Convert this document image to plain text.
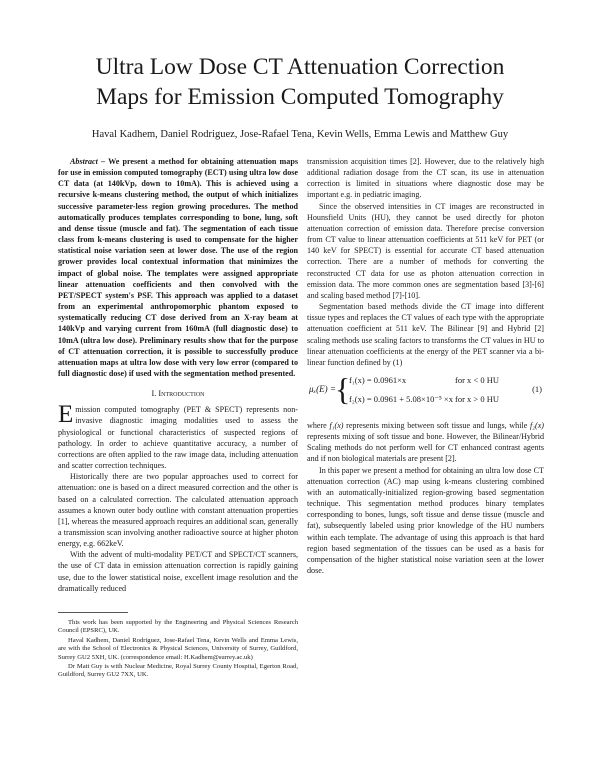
Ultra Low Dose CT Attenuation Correction
Maps for Emission Computed Tomography
Haval Kadhem, Daniel Rodriguez, Jose-Rafael Tena, Kevin Wells, Emma Lewis and Matthew Guy

Abstract – We present a method for obtaining attenuation maps for use in emission computed tomography (ECT) using ultra low dose CT data (at 140kVp, down to 10mA). This is achieved using a recursive k-means clustering method, the output of which initializes successive parameter-less region growing procedures. The method automatically produces templates corresponding to bone, lung, soft and dense tissue (muscle and fat). The segmentation of each tissue class from k-means clustering is used to compensate for the higher statistical noise variation seen at lower dose. The use of the region grower provides local contextual information that minimizes the impact of global noise. The templates were assigned appropriate linear attenuation coefficients and then convolved with the PET/SPECT system's PSF. This approach was applied to a dataset from an experimental anthropomorphic phantom exposed to systematically reducing CT dose derived from an X-ray beam at 140kVp and varying current from 160mA (full diagnostic dose) to 10mA (ultra low dose). Preliminary results show that for the purpose of CT attenuation correction, it is possible to successfully produce attenuation maps at ultra low dose with very low error (compared to full diagnostic dose) if used with the segmentation method presented.

I. Introduction

Emission computed tomography (PET & SPECT) represents non-invasive diagnostic imaging modalities used to assess the physiological or functional characteristics of suspected regions of pathology. In order to achieve quantitative accuracy, a number of corrections are often applied to the raw image data, including attenuation and scatter correction techniques.

Historically there are two popular approaches used to correct for attenuation: one is based on a direct measured correction and the other is based on a calculated correction. The calculated attenuation approach assumes a known outer body outline with constant attenuation properties [1], whereas the measured approach requires an additional scan, generally a transmission scan involving another radioactive source at higher photon energy, e.g. 662keV.

With the advent of multi-modality PET/CT and SPECT/CT scanners, the use of CT data in emission attenuation correction is rapidly gaining use, due to the lower statistical noise, excellent image resolution and the dramatically reduced

transmission acquisition times [2]. However, due to the relatively high additional radiation dosage from the CT scan, its use in attenuation correction is limited in situations where diagnostic dose may be important e.g. in pediatric imaging.

Since the observed intensities in CT images are reconstructed in Hounsfield Units (HU), they cannot be used directly for photon attenuation correction of emission data. Therefore precise conversion from CT value to linear attenuation coefficients at 511 keV for PET (or 140 keV for SPECT) is essential for accurate CT based attenuation correction. There are a number of methods for converting the reconstructed CT data for use as photon attenuation correction in emission data. The more common ones are segmentation based [3]-[6] and scaling based method [7]-[10].

Segmentation based methods divide the CT image into different tissue types and replaces the CT values of each type with the appropriate attenuation coefficient at 511 keV. The Bilinear [9] and Hybrid [2] scaling methods use scaling factors to transforms the CT values in HU to linear attenuation coefficients at the energy of the PET scanner via a bi-linear function defined by (1)

μₓ(E) = {
f₁(x) = 0.0961×x	for x < 0 HU
f₂(x) = 0.0961 + 5.08×10⁻⁵ ×x for x > 0 HU
(1)

where f₁(x) represents mixing between soft tissue and lungs, while f₂(x) represents mixing of soft tissue and bone. However, the Bilinear/Hybrid Scaling methods do not perform well for CT enhanced contrast agents and if non biological materials are present [2].

In this paper we present a method for obtaining an ultra low dose CT attenuation correction (AC) map using k-means clustering combined with an automatically-initialized region-growing based segmentation technique. This segmentation method produces binary templates corresponding to bones, lungs, soft tissue and dense tissue (muscle and fat), subsequently labeled using prior knowledge of the HU numbers within each template. The advantage of using this approach is that hard region based segmentation of the tissues can be used as a basis for compensation of the higher statistical noise variation seen at the lower dose.

This work has been supported by the Engineering and Physical Sciences Research Council (EPSRC), UK.

Haval Kadhem, Daniel Rodriguez, Jose-Rafael Tena, Kevin Wells and Emma Lewis, are with the School of Electronics & Physical Sciences, University of Surrey, Guildford, Surrey GU2 5XH, UK. (correspondence email: H.Kadhem@surrey.ac.uk)

Dr Matt Guy is with Nuclear Medicine, Royal Surrey County Hospital, Egerton Road, Guildford, Surrey GU2 7XX, UK.
